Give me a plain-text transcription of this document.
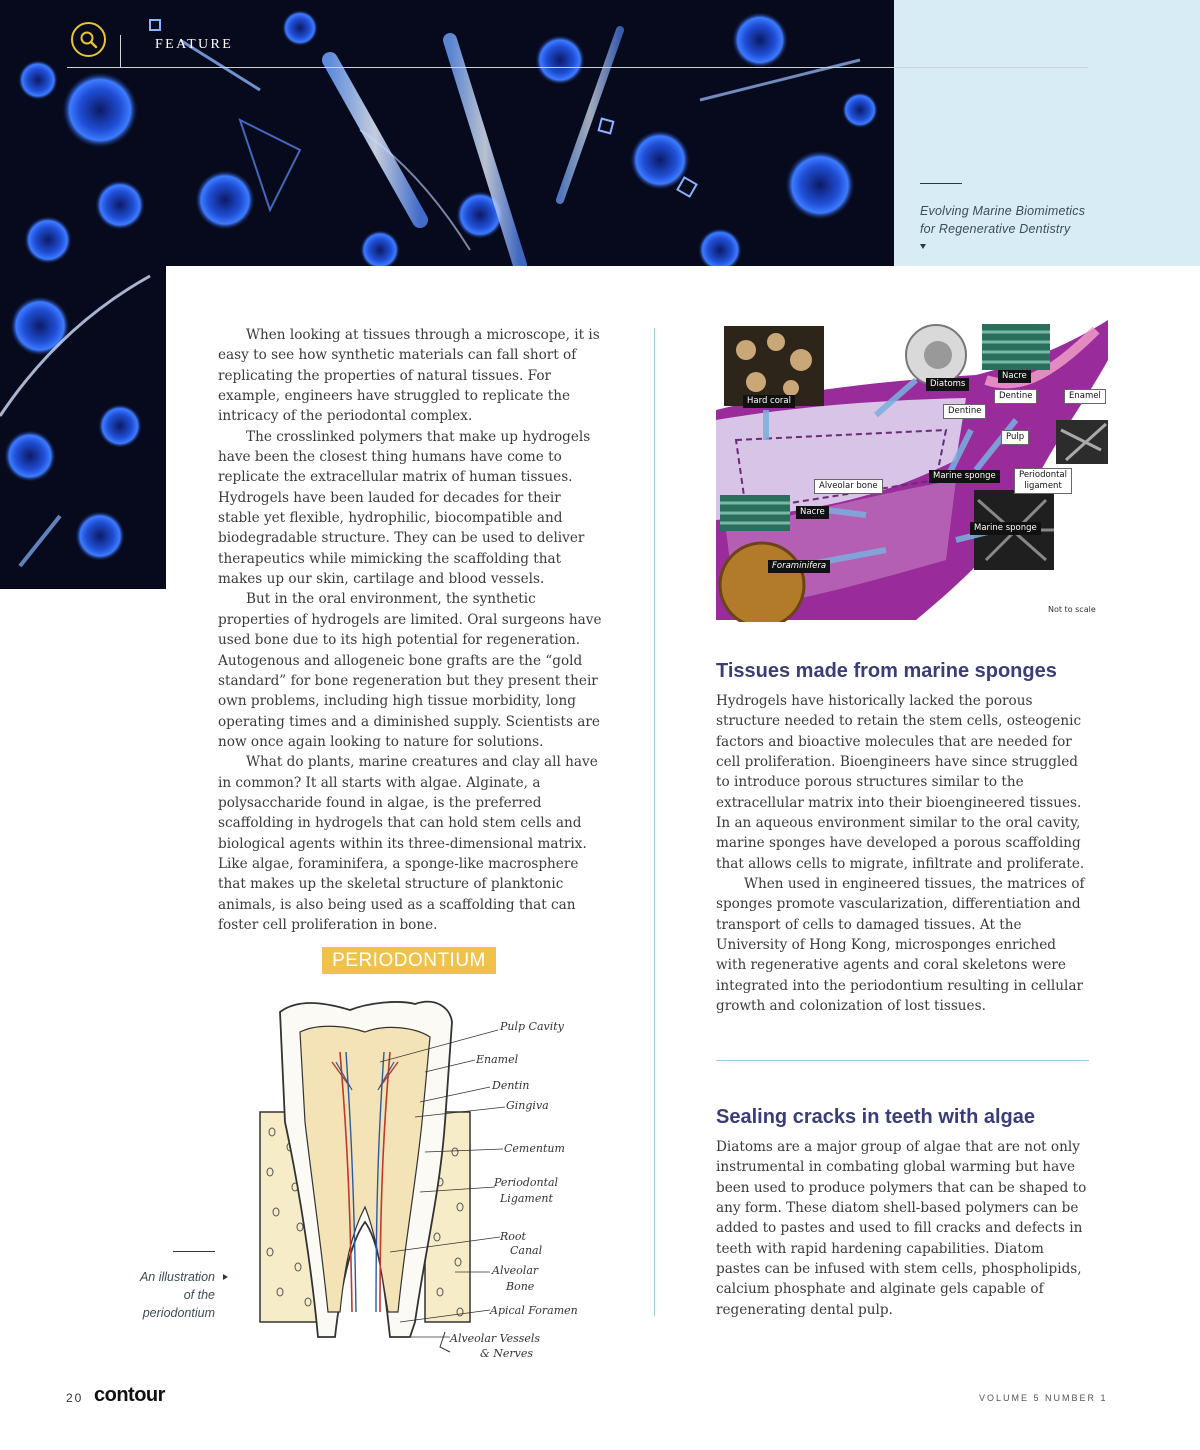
Evolving Marine Biomimetics
for Regenerative Dentistry
FEATURE

When looking at tissues through a microscope, it is easy to see how synthetic materials can fall short of replicating the properties of natural tissues. For example, engineers have struggled to replicate the intricacy of the periodontal complex.

The crosslinked polymers that make up hydrogels have been the closest thing humans have come to replicate the extracellular matrix of human tissues. Hydrogels have been lauded for decades for their stable yet flexible, hydrophilic, biocompatible and biodegradable structure. They can be used to deliver therapeutics while mimicking the scaffolding that makes up our skin, cartilage and blood vessels.

But in the oral environment, the synthetic properties of hydrogels are limited. Oral surgeons have used bone due to its high potential for regeneration. Autogenous and allogeneic bone grafts are the “gold standard” for bone regeneration but they present their own problems, including high tissue morbidity, long operating times and a diminished supply. Scientists are now once again looking to nature for solutions.

What do plants, marine creatures and clay all have in common? It all starts with algae. Alginate, a polysaccharide found in algae, is the preferred scaffolding in hydrogels that can hold stem cells and biological agents within its three-dimensional matrix. Like algae, foraminifera, a sponge-like macrosphere that makes up the skeletal structure of planktonic animals, is also being used as a scaffolding that can foster cell proliferation in bone.

Hard coral
Diatoms
Nacre
Dentine	Enamel
Dentine
Pulp
Marine sponge	Periodontal
ligament
Alveolar bone
Nacre
Marine sponge
Foraminifera
Not to scale
Tissues made from marine sponges

Hydrogels have historically lacked the porous structure needed to retain the stem cells, osteogenic factors and bioactive molecules that are needed for cell proliferation. Bioengineers have since struggled to introduce porous structures similar to the extracellular matrix into their bioengineered tissues. In an aqueous environment similar to the oral cavity, marine sponges have developed a porous scaffolding that allows cells to migrate, infiltrate and proliferate.

When used in engineered tissues, the matrices of sponges promote vascularization, differentiation and transport of cells to damaged tissues. At the University of Hong Kong, microsponges enriched with regenerative agents and coral skeletons were integrated into the periodontium resulting in cellular growth and colonization of lost tissues.

Sealing cracks in teeth with algae

Diatoms are a major group of algae that are not only instrumental in combating global warming but have been used to produce polymers that can be shaped to any form. These diatom shell-based polymers can be added to pastes and used to fill cracks and defects in teeth with rapid hardening capabilities. Diatom pastes can be infused with stem cells, phospholipids, calcium phosphate and alginate gels capable of regenerating dental pulp.

PERIODONTIUM
Pulp Cavity
Enamel
Dentin
Gingiva
Cementum
Periodontal
Ligament
Root
Canal
Alveolar
Bone
Apical Foramen
Alveolar Vessels
& Nerves
An illustration
of the
periodontium
20 contour	VOLUME 5 NUMBER 1
